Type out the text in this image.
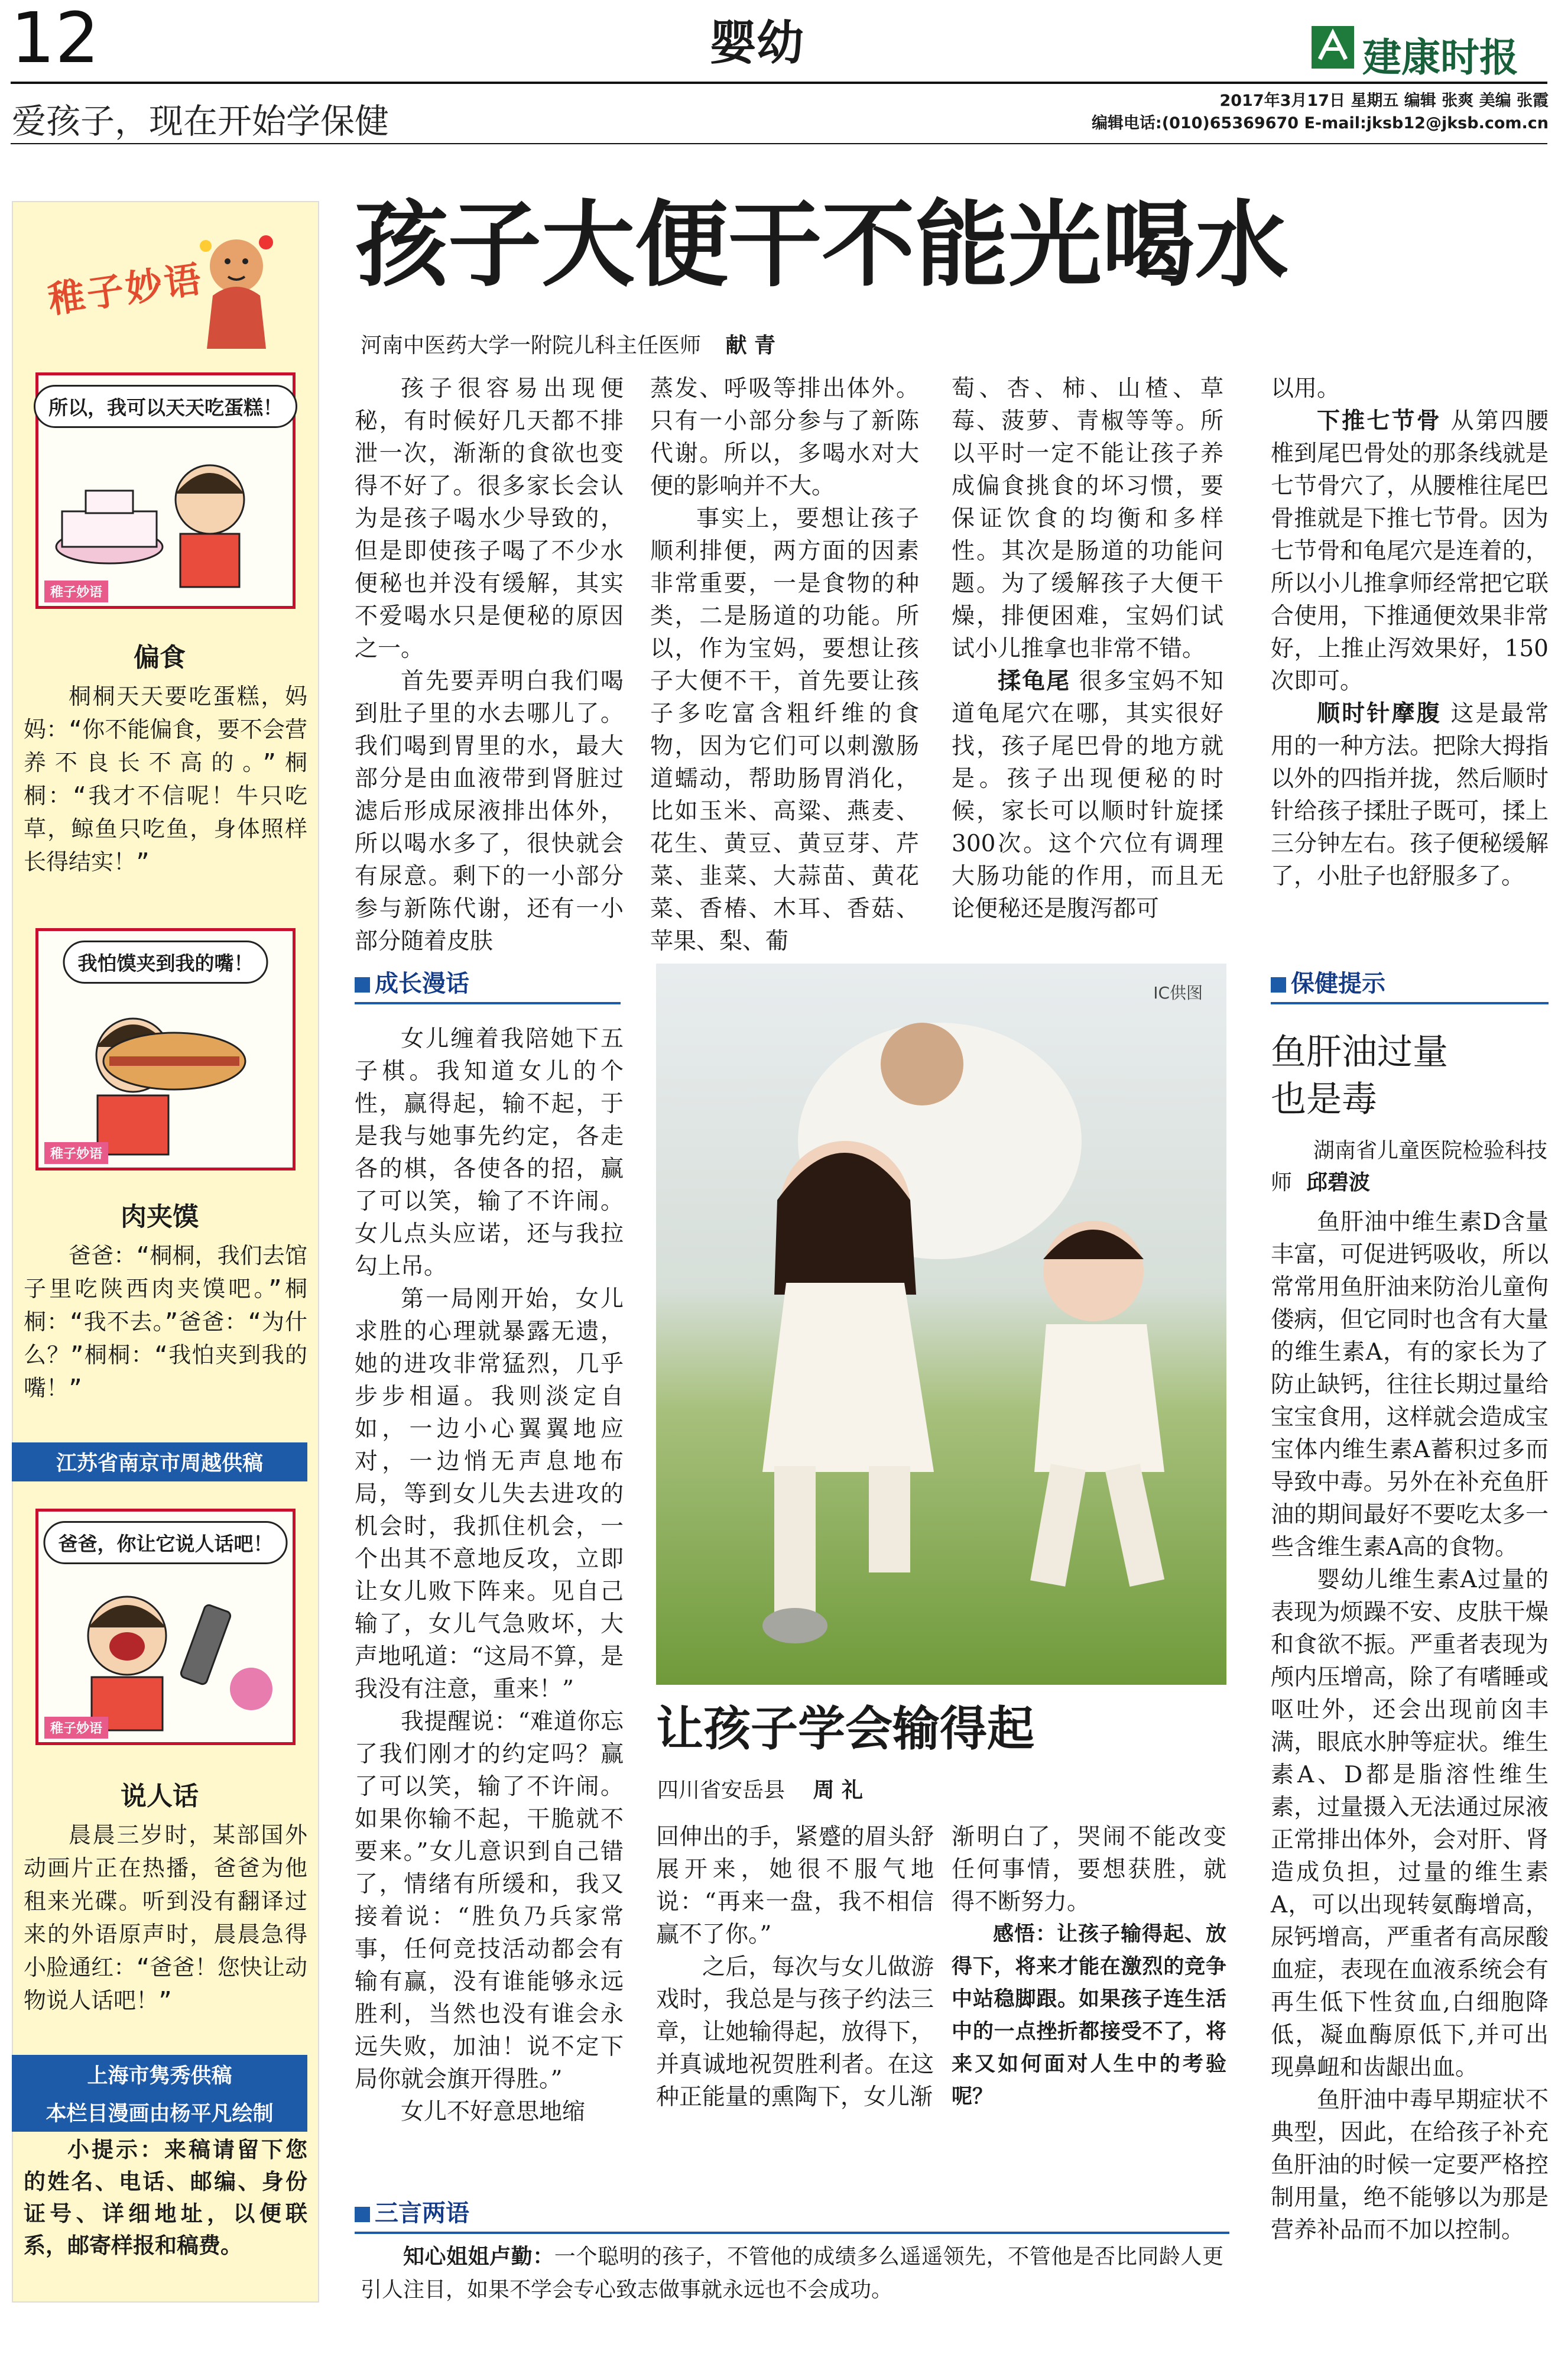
12	婴幼	建康时报
爱孩子，现在开始学保健
2017年3月17日 星期五 编辑 张爽 美编 张霞
编辑电话:(010)65369670 E-mail:jksb12@jksb.com.cn
稚子妙语
所以，我可以天天吃蛋糕！
稚子妙语
偏食

桐桐天天要吃蛋糕，妈妈：“你不能偏食，要不会营养不良长不高的。”桐桐：“我才不信呢！牛只吃草，鲸鱼只吃鱼，身体照样长得结实！”

我怕馍夹到我的嘴！
稚子妙语
肉夹馍

爸爸：“桐桐，我们去馆子里吃陕西肉夹馍吧。”桐桐：“我不去。”爸爸：“为什么？”桐桐：“我怕夹到我的嘴！”

江苏省南京市周越供稿
爸爸，你让它说人话吧！
稚子妙语
说人话

晨晨三岁时，某部国外动画片正在热播，爸爸为他租来光碟。听到没有翻译过来的外语原声时，晨晨急得小脸通红：“爸爸！您快让动物说人话吧！”

上海市隽秀供稿
本栏目漫画由杨平凡绘制

小提示：来稿请留下您的姓名、电话、邮编、身份证号、详细地址，以便联系，邮寄样报和稿费。

孩子大便干不能光喝水
河南中医药大学一附院儿科主任医师 献 青

孩子很容易出现便秘，有时候好几天都不排泄一次，渐渐的食欲也变得不好了。很多家长会认为是孩子喝水少导致的，但是即使孩子喝了不少水便秘也并没有缓解，其实不爱喝水只是便秘的原因之一。

首先要弄明白我们喝到肚子里的水去哪儿了。我们喝到胃里的水，最大部分是由血液带到肾脏过滤后形成尿液排出体外，所以喝水多了，很快就会有尿意。剩下的一小部分参与新陈代谢，还有一小部分随着皮肤

蒸发、呼吸等排出体外。只有一小部分参与了新陈代谢。所以，多喝水对大便的影响并不大。

事实上，要想让孩子顺利排便，两方面的因素非常重要，一是食物的种类，二是肠道的功能。所以，作为宝妈，要想让孩子大便不干，首先要让孩子多吃富含粗纤维的食物，因为它们可以刺激肠道蠕动，帮助肠胃消化，比如玉米、高粱、燕麦、花生、黄豆、黄豆芽、芹菜、韭菜、大蒜苗、黄花菜、香椿、木耳、香菇、苹果、梨、葡

萄、杏、柿、山楂、草莓、菠萝、青椒等等。所以平时一定不能让孩子养成偏食挑食的坏习惯，要保证饮食的均衡和多样性。其次是肠道的功能问题。为了缓解孩子大便干燥，排便困难，宝妈们试试小儿推拿也非常不错。

揉龟尾 很多宝妈不知道龟尾穴在哪，其实很好找，孩子尾巴骨的地方就是。孩子出现便秘的时候，家长可以顺时针旋揉300次。这个穴位有调理大肠功能的作用，而且无论便秘还是腹泻都可

以用。

下推七节骨 从第四腰椎到尾巴骨处的那条线就是七节骨穴了，从腰椎往尾巴骨推就是下推七节骨。因为七节骨和龟尾穴是连着的，所以小儿推拿师经常把它联合使用，下推通便效果非常好，上推止泻效果好，150次即可。

顺时针摩腹 这是最常用的一种方法。把除大拇指以外的四指并拢，然后顺时针给孩子揉肚子既可，揉上三分钟左右。孩子便秘缓解了，小肚子也舒服多了。

成长漫话

女儿缠着我陪她下五子棋。我知道女儿的个性，赢得起，输不起，于是我与她事先约定，各走各的棋，各使各的招，赢了可以笑，输了不许闹。女儿点头应诺，还与我拉勾上吊。

第一局刚开始，女儿求胜的心理就暴露无遗，她的进攻非常猛烈，几乎步步相逼。我则淡定自如，一边小心翼翼地应对，一边悄无声息地布局，等到女儿失去进攻的机会时，我抓住机会，一个出其不意地反攻，立即让女儿败下阵来。见自己输了，女儿气急败坏，大声地吼道：“这局不算，是我没有注意，重来！”

我提醒说：“难道你忘了我们刚才的约定吗？赢了可以笑，输了不许闹。如果你输不起，干脆就不要来。”女儿意识到自己错了，情绪有所缓和，我又接着说：“胜负乃兵家常事，任何竞技活动都会有输有赢，没有谁能够永远胜利，当然也没有谁会永远失败，加油！说不定下局你就会旗开得胜。”

女儿不好意思地缩

IC供图
让孩子学会输得起
四川省安岳县 周 礼

回伸出的手，紧蹙的眉头舒展开来，她很不服气地说：“再来一盘，我不相信赢不了你。”

之后，每次与女儿做游戏时，我总是与孩子约法三章，让她输得起，放得下，并真诚地祝贺胜利者。在这种正能量的熏陶下，女儿渐

渐明白了，哭闹不能改变任何事情，要想获胜，就得不断努力。

感悟：让孩子输得起、放得下，将来才能在激烈的竞争中站稳脚跟。如果孩子连生活中的一点挫折都接受不了，将来又如何面对人生中的考验呢？

保健提示
鱼肝油过量
也是毒
湖南省儿童医院检验科技师 邱碧波

鱼肝油中维生素D含量丰富，可促进钙吸收，所以常常用鱼肝油来防治儿童佝偻病，但它同时也含有大量的维生素A，有的家长为了防止缺钙，往往长期过量给宝宝食用，这样就会造成宝宝体内维生素A蓄积过多而导致中毒。另外在补充鱼肝油的期间最好不要吃太多一些含维生素A高的食物。

婴幼儿维生素A过量的表现为烦躁不安、皮肤干燥和食欲不振。严重者表现为颅内压增高，除了有嗜睡或呕吐外，还会出现前囟丰满，眼底水肿等症状。维生素A、D都是脂溶性维生素，过量摄入无法通过尿液正常排出体外，会对肝、肾造成负担，过量的维生素A，可以出现转氨酶增高，尿钙增高，严重者有高尿酸血症，表现在血液系统会有再生低下性贫血,白细胞降低，凝血酶原低下,并可出现鼻衄和齿龈出血。

鱼肝油中毒早期症状不典型，因此，在给孩子补充鱼肝油的时候一定要严格控制用量，绝不能够以为那是营养补品而不加以控制。

三言两语
知心姐姐卢勤：一个聪明的孩子，不管他的成绩多么遥遥领先，不管他是否比同龄人更引人注目，如果不学会专心致志做事就永远也不会成功。
